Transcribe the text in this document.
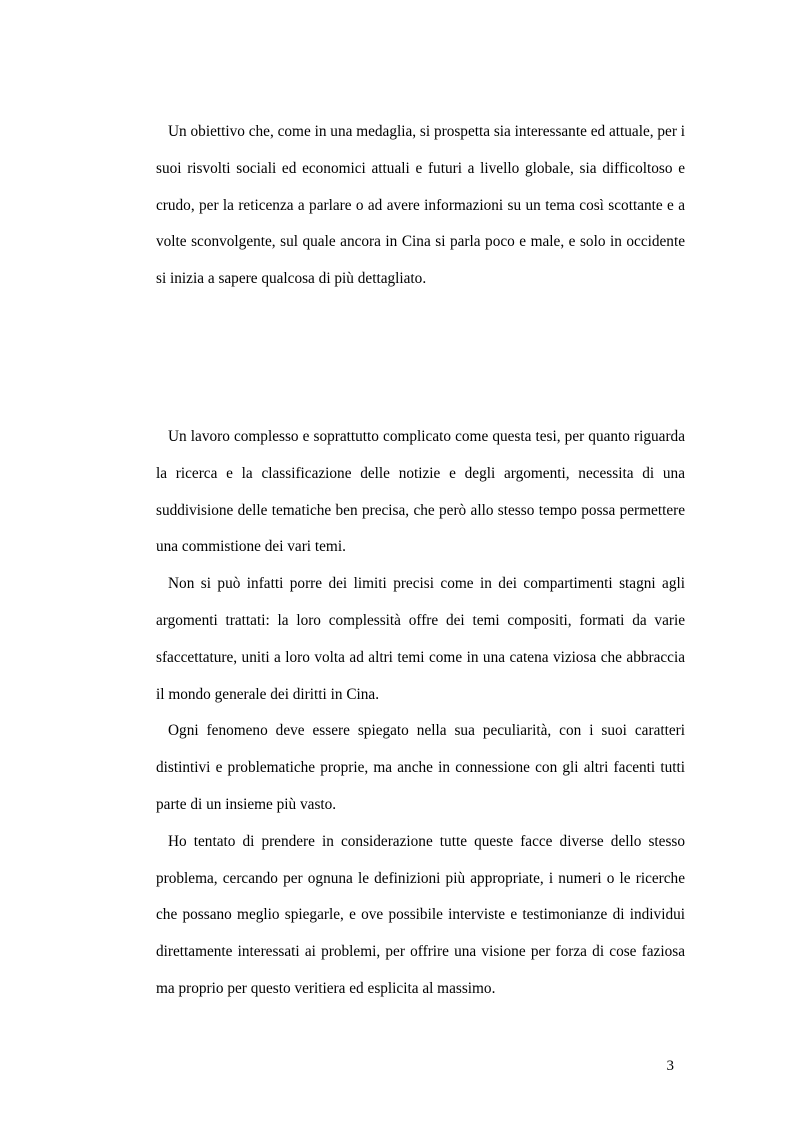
Un obiettivo che, come in una medaglia, si prospetta sia interessante ed attuale, per i suoi risvolti sociali ed economici attuali e futuri a livello globale, sia difficoltoso e crudo, per la reticenza a parlare o ad avere informazioni su un tema così scottante e a volte sconvolgente, sul quale ancora in Cina si parla poco e male, e solo in occidente si inizia a sapere qualcosa di più dettagliato.

Un lavoro complesso e soprattutto complicato come questa tesi, per quanto riguarda la ricerca e la classificazione delle notizie e degli argomenti, necessita di una suddivisione delle tematiche ben precisa, che però allo stesso tempo possa permettere una commistione dei vari temi.

Non si può infatti porre dei limiti precisi come in dei compartimenti stagni agli argomenti trattati: la loro complessità offre dei temi compositi, formati da varie sfaccettature, uniti a loro volta ad altri temi come in una catena viziosa che abbraccia il mondo generale dei diritti in Cina.

Ogni fenomeno deve essere spiegato nella sua peculiarità, con i suoi caratteri distintivi e problematiche proprie, ma anche in connessione con gli altri facenti tutti parte di un insieme più vasto.

Ho tentato di prendere in considerazione tutte queste facce diverse dello stesso problema, cercando per ognuna le definizioni più appropriate, i numeri o le ricerche che possano meglio spiegarle, e ove possibile interviste e testimonianze di individui direttamente interessati ai problemi, per offrire una visione per forza di cose faziosa ma proprio per questo veritiera ed esplicita al massimo.

3
